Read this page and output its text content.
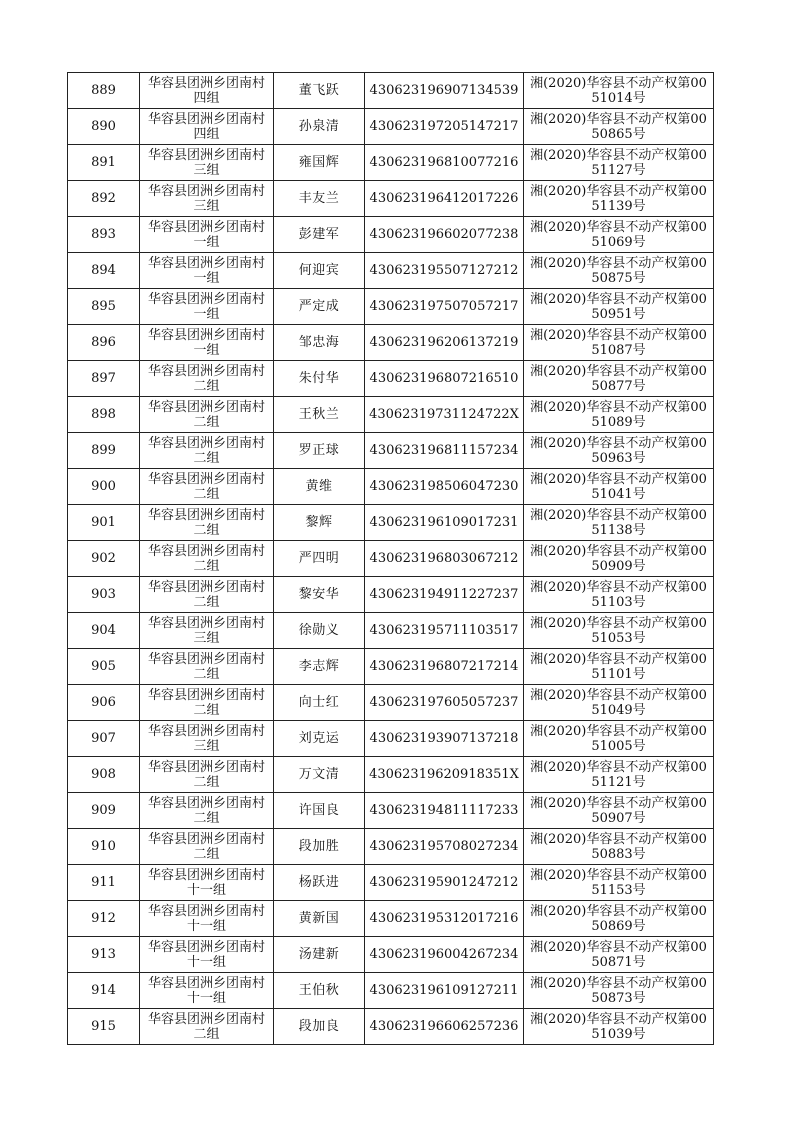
889	华容县团洲乡团南村四组	董飞跃	430623196907134539	湘(2020)华容县不动产权第0051014号
890	华容县团洲乡团南村四组	孙泉清	430623197205147217	湘(2020)华容县不动产权第0050865号
891	华容县团洲乡团南村三组	雍国辉	430623196810077216	湘(2020)华容县不动产权第0051127号
892	华容县团洲乡团南村三组	丰友兰	430623196412017226	湘(2020)华容县不动产权第0051139号
893	华容县团洲乡团南村一组	彭建军	430623196602077238	湘(2020)华容县不动产权第0051069号
894	华容县团洲乡团南村一组	何迎宾	430623195507127212	湘(2020)华容县不动产权第0050875号
895	华容县团洲乡团南村一组	严定成	430623197507057217	湘(2020)华容县不动产权第0050951号
896	华容县团洲乡团南村一组	邹忠海	430623196206137219	湘(2020)华容县不动产权第0051087号
897	华容县团洲乡团南村二组	朱付华	430623196807216510	湘(2020)华容县不动产权第0050877号
898	华容县团洲乡团南村二组	王秋兰	43062319731124722X	湘(2020)华容县不动产权第0051089号
899	华容县团洲乡团南村二组	罗正球	430623196811157234	湘(2020)华容县不动产权第0050963号
900	华容县团洲乡团南村二组	黄维	430623198506047230	湘(2020)华容县不动产权第0051041号
901	华容县团洲乡团南村二组	黎辉	430623196109017231	湘(2020)华容县不动产权第0051138号
902	华容县团洲乡团南村二组	严四明	430623196803067212	湘(2020)华容县不动产权第0050909号
903	华容县团洲乡团南村二组	黎安华	430623194911227237	湘(2020)华容县不动产权第0051103号
904	华容县团洲乡团南村三组	徐勋义	430623195711103517	湘(2020)华容县不动产权第0051053号
905	华容县团洲乡团南村二组	李志辉	430623196807217214	湘(2020)华容县不动产权第0051101号
906	华容县团洲乡团南村二组	向士红	430623197605057237	湘(2020)华容县不动产权第0051049号
907	华容县团洲乡团南村三组	刘克运	430623193907137218	湘(2020)华容县不动产权第0051005号
908	华容县团洲乡团南村二组	万文清	43062319620918351X	湘(2020)华容县不动产权第0051121号
909	华容县团洲乡团南村二组	许国良	430623194811117233	湘(2020)华容县不动产权第0050907号
910	华容县团洲乡团南村二组	段加胜	430623195708027234	湘(2020)华容县不动产权第0050883号
911	华容县团洲乡团南村十一组	杨跃进	430623195901247212	湘(2020)华容县不动产权第0051153号
912	华容县团洲乡团南村十一组	黄新国	430623195312017216	湘(2020)华容县不动产权第0050869号
913	华容县团洲乡团南村十一组	汤建新	430623196004267234	湘(2020)华容县不动产权第0050871号
914	华容县团洲乡团南村十一组	王伯秋	430623196109127211	湘(2020)华容县不动产权第0050873号
915	华容县团洲乡团南村二组	段加良	430623196606257236	湘(2020)华容县不动产权第0051039号
